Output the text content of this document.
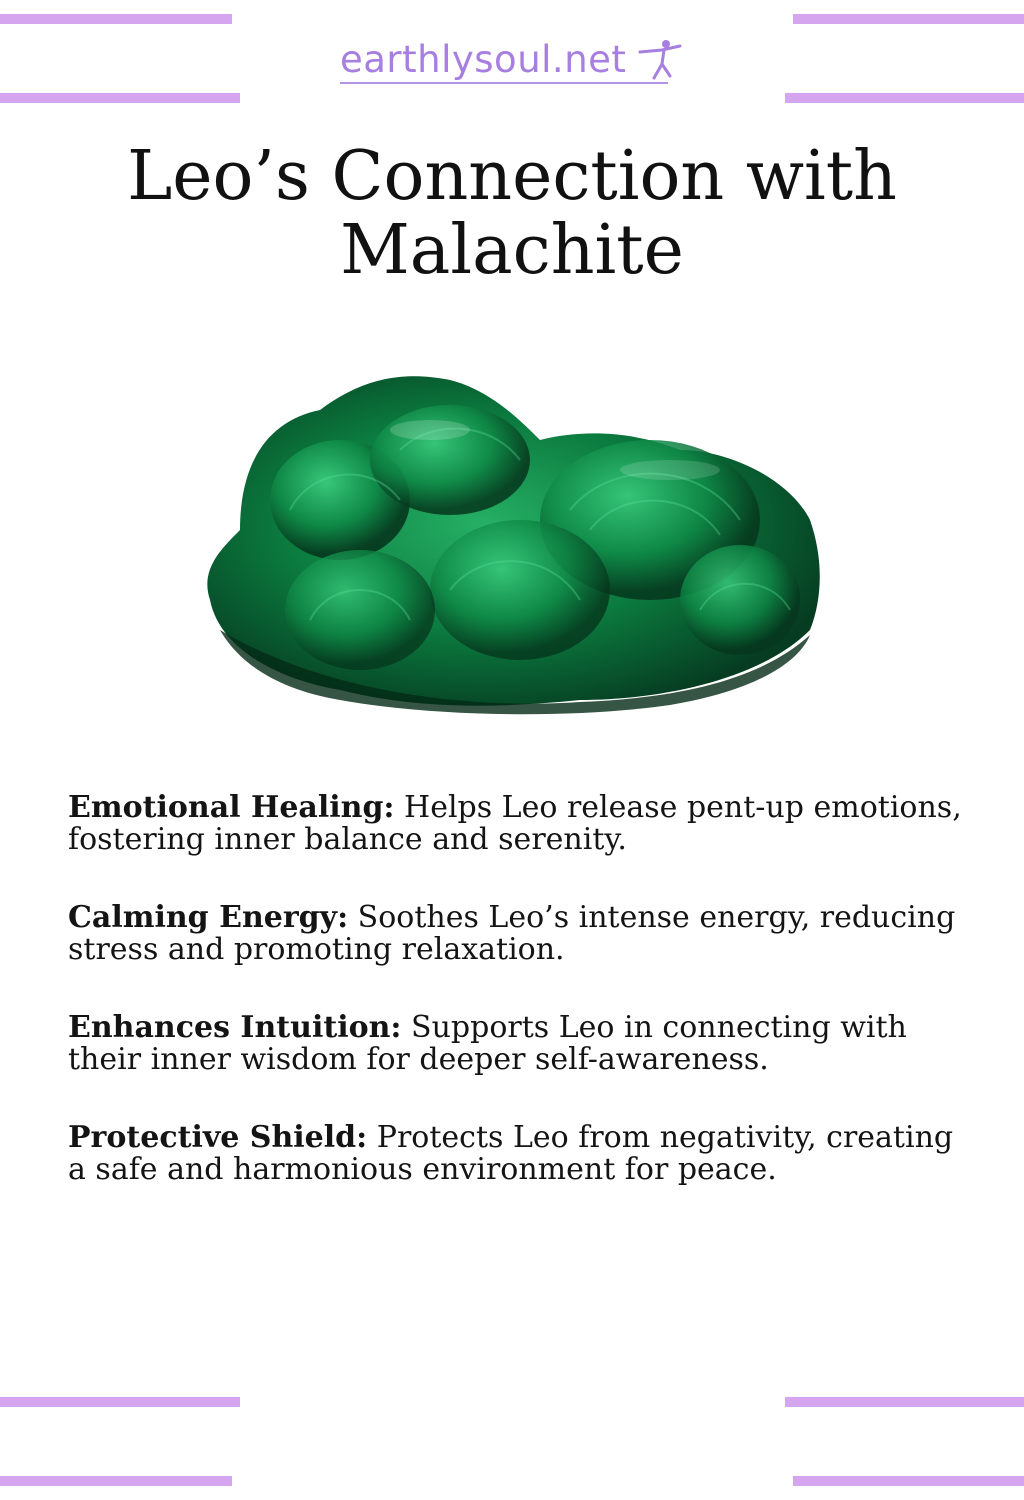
earthlysoul.net
Leo’s Connection with Malachite

Emotional Healing: Helps Leo release pent-up emotions, fostering inner balance and serenity.

Calming Energy: Soothes Leo’s intense energy, reducing stress and promoting relaxation.

Enhances Intuition: Supports Leo in connecting with their inner wisdom for deeper self-awareness.

Protective Shield: Protects Leo from negativity, creating a safe and harmonious environment for peace.
